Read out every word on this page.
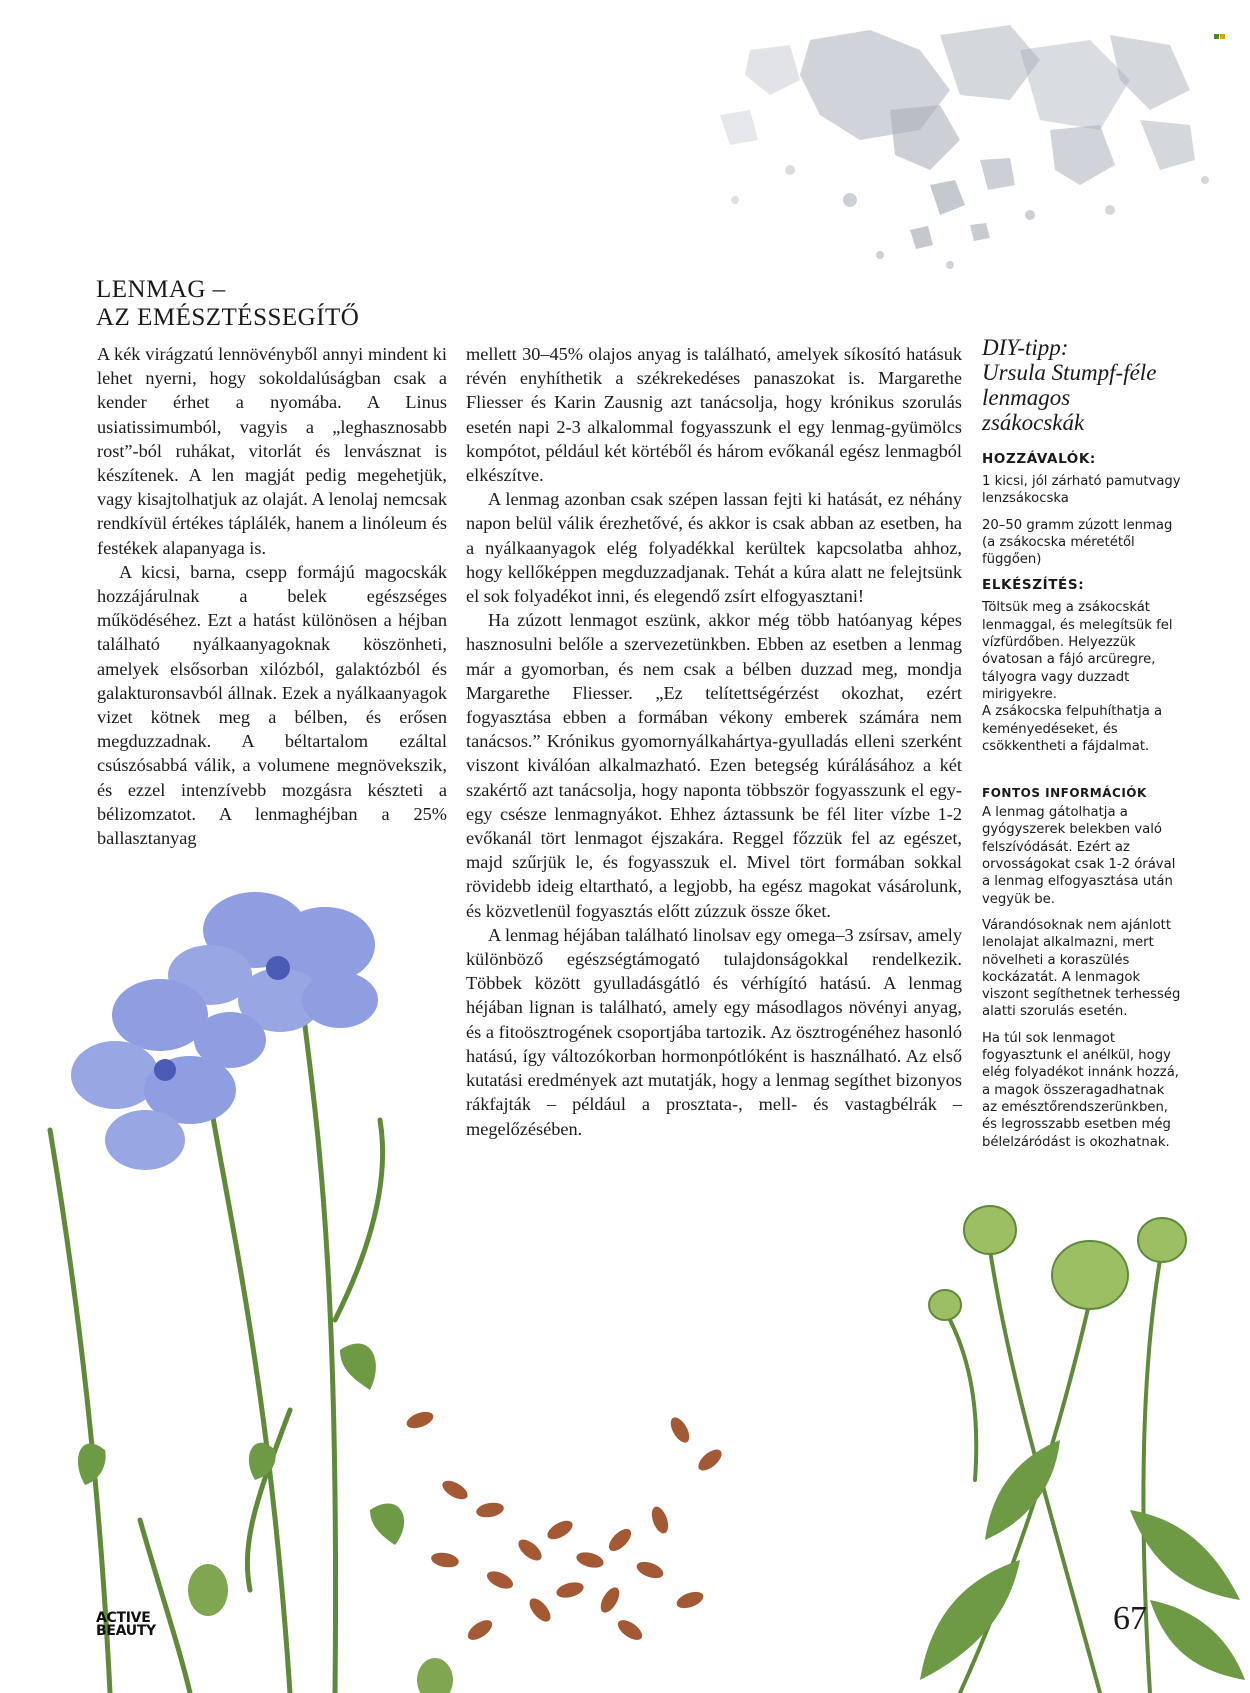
LENMAG –
AZ EMÉSZTÉSSEGÍTŐ

A kék virágzatú lennövényből annyi mindent ki lehet nyerni, hogy sokoldalúságban csak a kender érhet a nyomába. A Linus usiatissimumból, vagyis a „leghasznosabb rost”-ból ruhákat, vitorlát és lenvásznat is készítenek. A len magját pedig megehetjük, vagy kisajtolhatjuk az olaját. A lenolaj nemcsak rendkívül értékes táplálék, hanem a linóleum és festékek alapanyaga is.

A kicsi, barna, csepp formájú magocskák hozzájárulnak a belek egészséges működéséhez. Ezt a hatást különösen a héjban található nyálkaanyagoknak köszönheti, amelyek elsősorban xilózból, galaktózból és galakturonsavból állnak. Ezek a nyálkaanyagok vizet kötnek meg a bélben, és erősen megduzzadnak. A béltartalom ezáltal csúszósabbá válik, a volumene megnövekszik, és ezzel intenzívebb mozgásra készteti a bélizomzatot. A lenmaghéjban a 25% ballasztanyag

mellett 30–45% olajos anyag is található, amelyek síkosító hatásuk révén enyhíthetik a székrekedéses panaszokat is. Margarethe Fliesser és Karin Zausnig azt tanácsolja, hogy krónikus szorulás esetén napi 2-3 alkalommal fogyasszunk el egy lenmag-gyümölcs kompótot, például két körtéből és három evőkanál egész lenmagból elkészítve.

A lenmag azonban csak szépen lassan fejti ki hatását, ez néhány napon belül válik érezhetővé, és akkor is csak abban az esetben, ha a nyálkaanyagok elég folyadékkal kerültek kapcsolatba ahhoz, hogy kellőképpen megduzzadjanak. Tehát a kúra alatt ne felejtsünk el sok folyadékot inni, és elegendő zsírt elfogyasztani!

Ha zúzott lenmagot eszünk, akkor még több hatóanyag képes hasznosulni belőle a szervezetünkben. Ebben az esetben a lenmag már a gyomorban, és nem csak a bélben duzzad meg, mondja Margarethe Fliesser. „Ez telítettségérzést okozhat, ezért fogyasztása ebben a formában vékony emberek számára nem tanácsos.” Krónikus gyomornyálkahártya-gyulladás elleni szerként viszont kiválóan alkalmazható. Ezen betegség kúrálásához a két szakértő azt tanácsolja, hogy naponta többször fogyasszunk el egy-egy csésze lenmagnyákot. Ehhez áztassunk be fél liter vízbe 1-2 evőkanál tört lenmagot éjszakára. Reggel főzzük fel az egészet, majd szűrjük le, és fogyasszuk el. Mivel tört formában sokkal rövidebb ideig eltartható, a legjobb, ha egész magokat vásárolunk, és közvetlenül fogyasztás előtt zúzzuk össze őket.

A lenmag héjában található linolsav egy omega–3 zsírsav, amely különböző egészségtámogató tulajdonságokkal rendelkezik. Többek között gyulladásgátló és vérhígító hatású. A lenmag héjában lignan is található, amely egy másodlagos növényi anyag, és a fitoösztrogének csoportjába tartozik. Az ösztrogénéhez hasonló hatású, így változókorban hormonpótlóként is használható. Az első kutatási eredmények azt mutatják, hogy a lenmag segíthet bizonyos rákfajták – például a prosztata-, mell- és vastagbélrák – megelőzésében.

DIY-tipp:
Ursula Stumpf-féle
lenmagos
zsákocskák
HOZZÁVALÓK:

1 kicsi, jól zárható pamutvagy lenzsákocska

20–50 gramm zúzott lenmag (a zsákocska méretétől függően)

ELKÉSZÍTÉS:

Töltsük meg a zsákocskát lenmaggal, és melegítsük fel vízfürdőben. Helyezzük óvatosan a fájó arcüregre, tályogra vagy duzzadt mirigyekre.

A zsákocska felpuhíthatja a keményedéseket, és csökkentheti a fájdalmat.

FONTOS INFORMÁCIÓK

A lenmag gátolhatja a gyógyszerek belekben való felszívódását. Ezért az orvosságokat csak 1-2 órával a lenmag elfogyasztása után vegyük be.

Várandósoknak nem ajánlott lenolajat alkalmazni, mert növelheti a koraszülés kockázatát. A lenmagok viszont segíthetnek terhesség alatti szorulás esetén.

Ha túl sok lenmagot fogyasztunk el anélkül, hogy elég folyadékot innánk hozzá, a magok összeragadhatnak az emésztőrendszerünkben, és legrosszabb esetben még bélelzáródást is okozhatnak.

ACTIVE
BEAUTY	67
